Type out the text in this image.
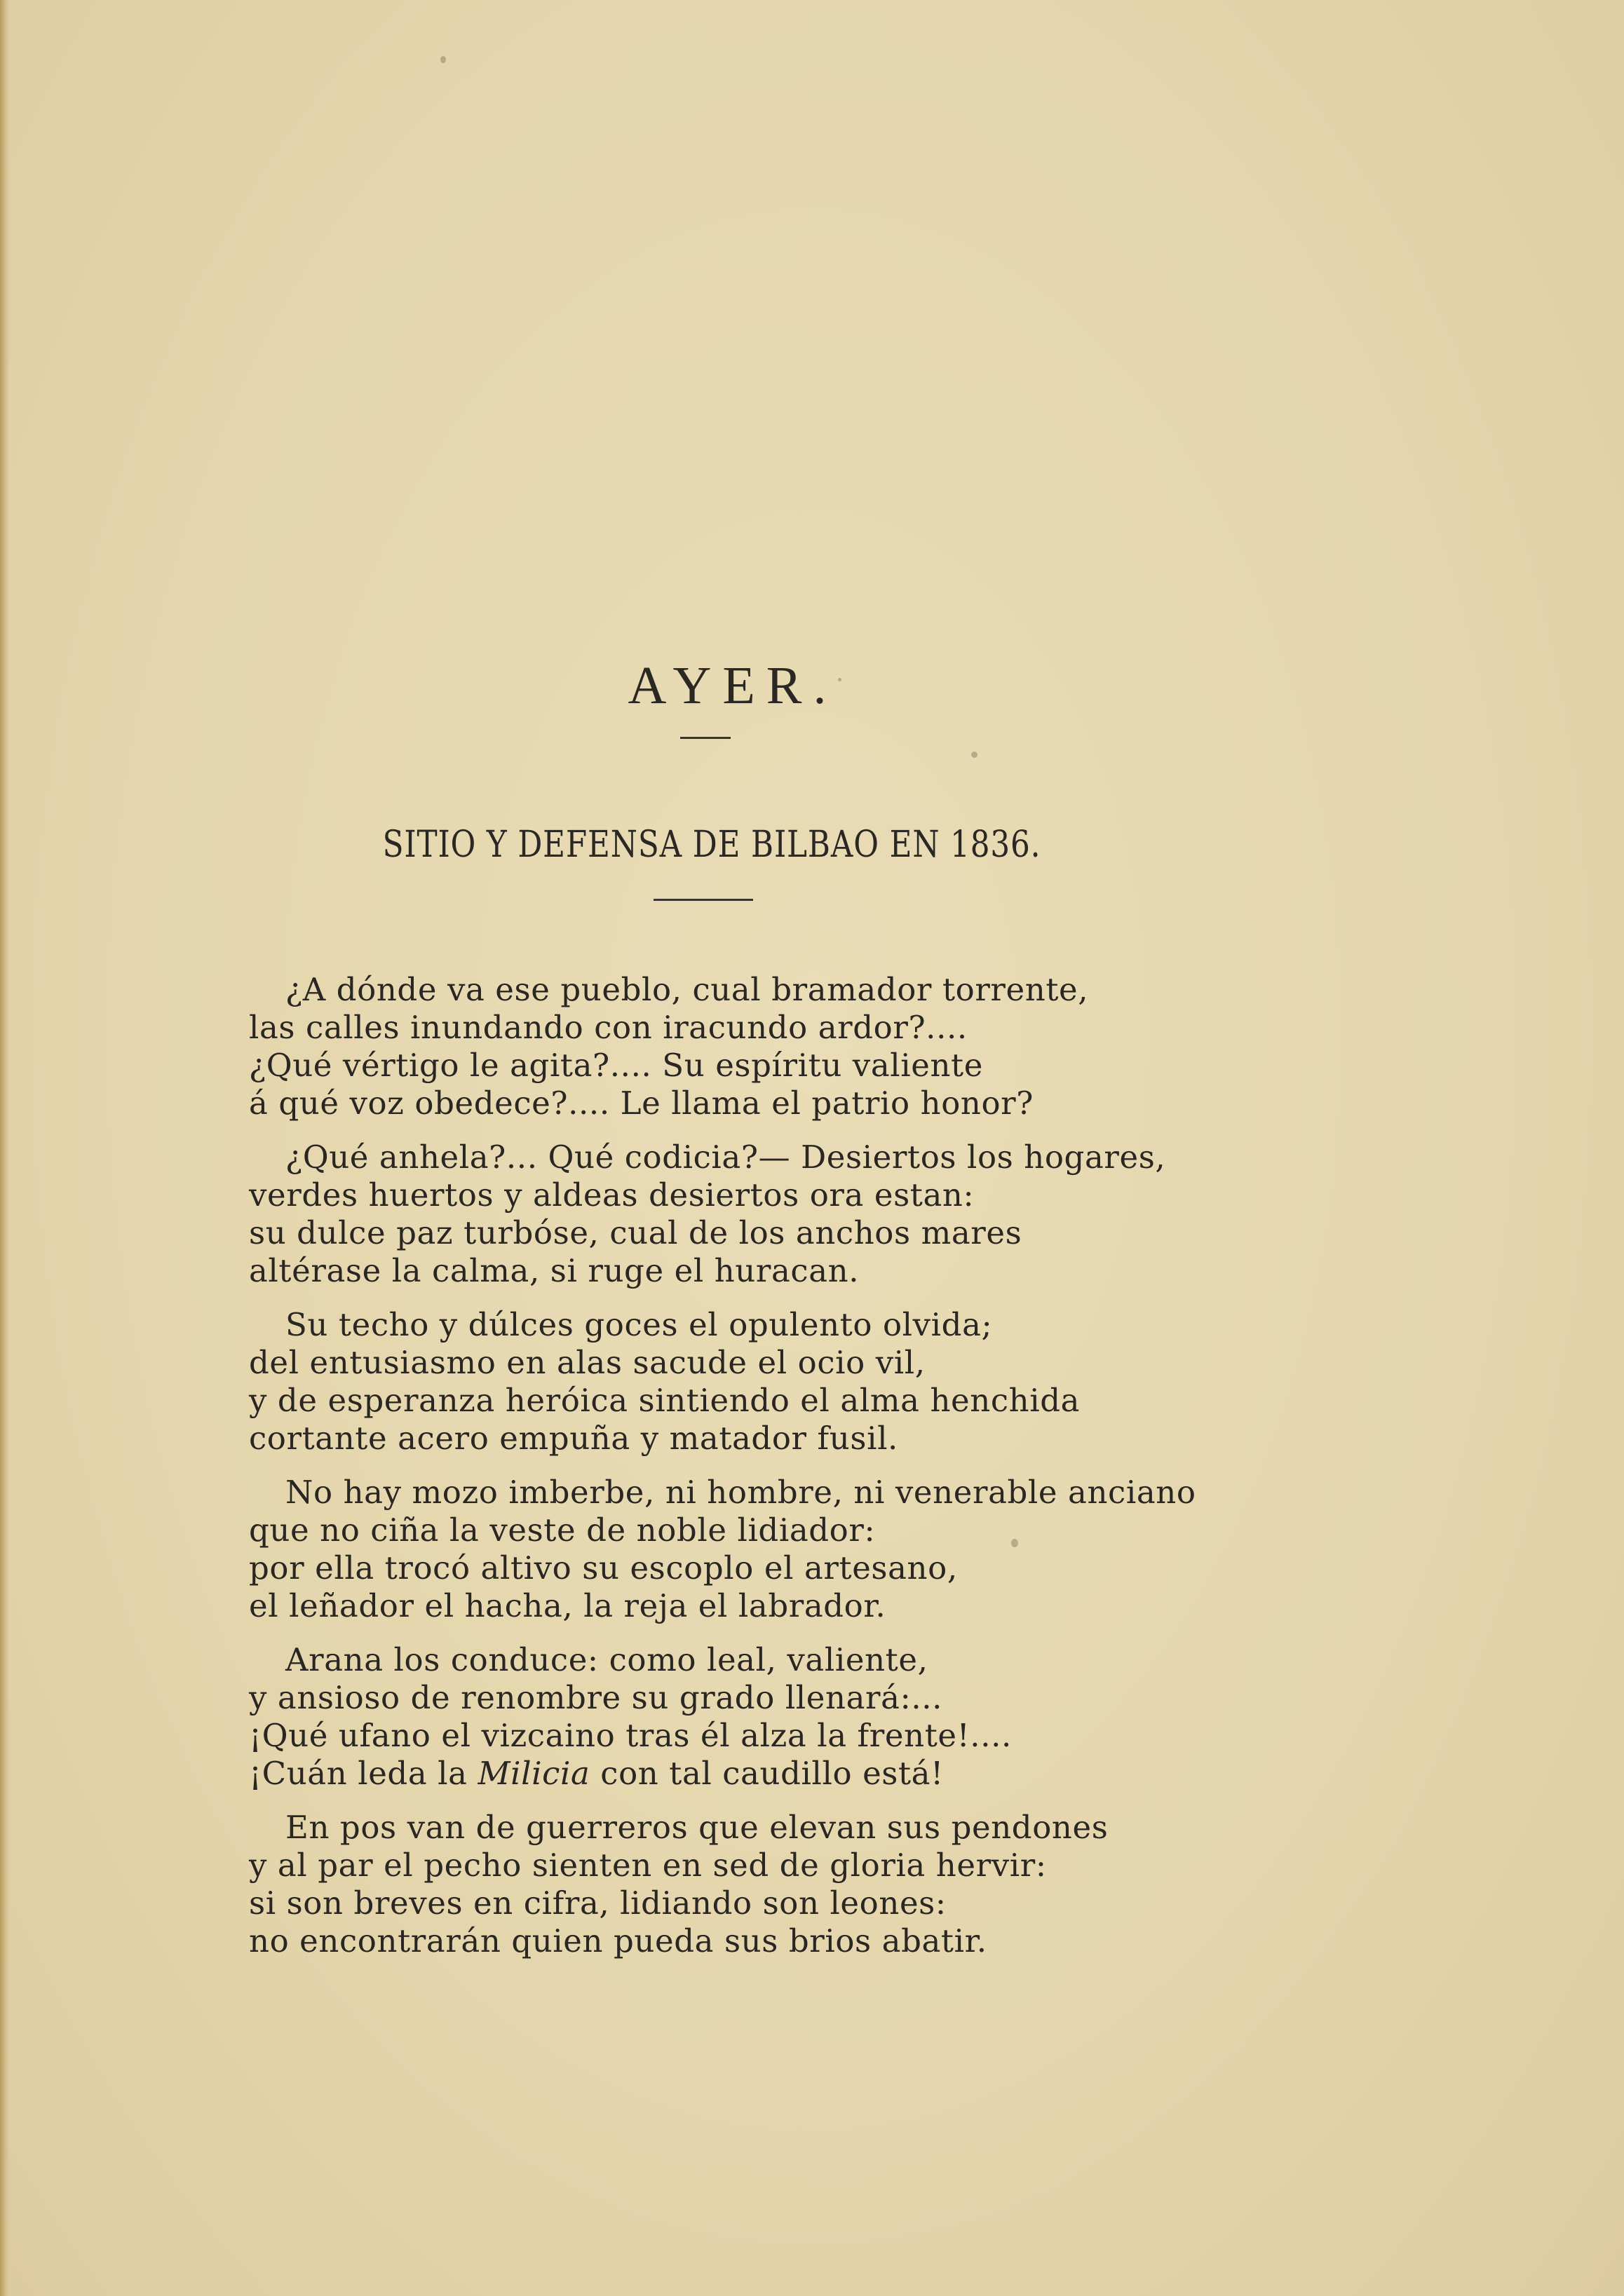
AYER.
SITIO Y DEFENSA DE BILBAO EN 1836.
¿A dónde va ese pueblo, cual bramador torrente,
las calles inundando con iracundo ardor?....
¿Qué vértigo le agita?.... Su espíritu valiente
á qué voz obedece?.... Le llama el patrio honor?
¿Qué anhela?... Qué codicia?— Desiertos los hogares,
verdes huertos y aldeas desiertos ora estan:
su dulce paz turbóse, cual de los anchos mares
altérase la calma, si ruge el huracan.
Su techo y dúlces goces el opulento olvida;
del entusiasmo en alas sacude el ocio vil,
y de esperanza heróica sintiendo el alma henchida
cortante acero empuña y matador fusil.
No hay mozo imberbe, ni hombre, ni venerable anciano
que no ciña la veste de noble lidiador:
por ella trocó altivo su escoplo el artesano,
el leñador el hacha, la reja el labrador.
Arana los conduce: como leal, valiente,
y ansioso de renombre su grado llenará:...
¡Qué ufano el vizcaino tras él alza la frente!....
¡Cuán leda la Milicia con tal caudillo está!
En pos van de guerreros que elevan sus pendones
y al par el pecho sienten en sed de gloria hervir:
si son breves en cifra, lidiando son leones:
no encontrarán quien pueda sus brios abatir.
